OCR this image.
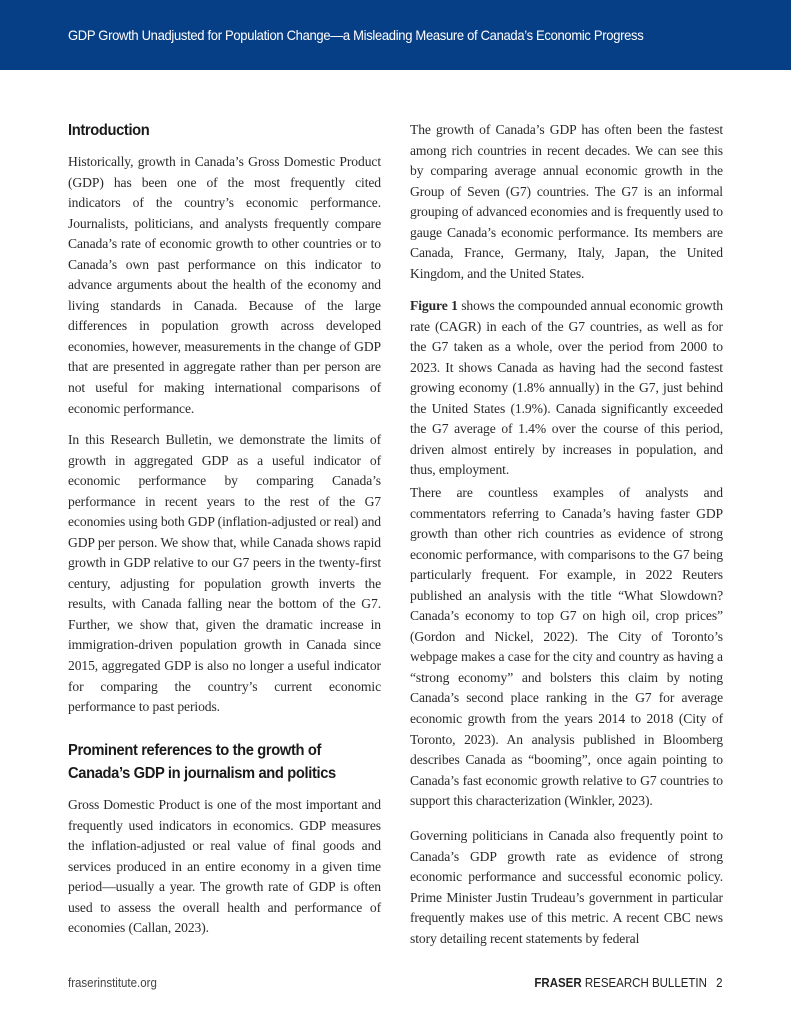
GDP Growth Unadjusted for Population Change—a Misleading Measure of Canada’s Economic Progress
Introduction

Historically, growth in Canada’s Gross Domestic Product (GDP) has been one of the most frequently cited indicators of the country’s economic performance. Journalists, politicians, and analysts frequently compare Canada’s rate of economic growth to other countries or to Canada’s own past performance on this indicator to advance arguments about the health of the economy and living standards in Canada. Because of the large differences in population growth across developed economies, however, measurements in the change of GDP that are presented in aggregate rather than per person are not useful for making international comparisons of economic performance.

In this Research Bulletin, we demonstrate the limits of growth in aggregated GDP as a useful indicator of economic performance by comparing Canada’s performance in recent years to the rest of the G7 economies using both GDP (inflation-adjusted or real) and GDP per person. We show that, while Canada shows rapid growth in GDP relative to our G7 peers in the twenty-first century, adjusting for population growth inverts the results, with Canada falling near the bottom of the G7. Further, we show that, given the dramatic increase in immigration-driven population growth in Canada since 2015, aggregated GDP is also no longer a useful indicator for comparing the country’s current economic performance to past periods.

Prominent references to the growth of Canada’s GDP in journalism and politics

Gross Domestic Product is one of the most important and frequently used indicators in economics. GDP measures the inflation-adjusted or real value of final goods and services produced in an entire economy in a given time period—usually a year. The growth rate of GDP is often used to assess the overall health and performance of economies (Callan, 2023).

The growth of Canada’s GDP has often been the fastest among rich countries in recent decades. We can see this by comparing average annual economic growth in the Group of Seven (G7) countries. The G7 is an informal grouping of advanced economies and is frequently used to gauge Canada’s economic performance. Its members are Canada, France, Germany, Italy, Japan, the United Kingdom, and the United States.

Figure 1 shows the compounded annual economic growth rate (CAGR) in each of the G7 countries, as well as for the G7 taken as a whole, over the period from 2000 to 2023. It shows Canada as having had the second fastest growing economy (1.8% annually) in the G7, just behind the United States (1.9%). Canada significantly exceeded the G7 average of 1.4% over the course of this period, driven almost entirely by increases in population, and thus, employment.

There are countless examples of analysts and commentators referring to Canada’s having faster GDP growth than other rich countries as evidence of strong economic performance, with comparisons to the G7 being particularly frequent. For example, in 2022 Reuters published an analysis with the title “What Slowdown? Canada’s economy to top G7 on high oil, crop prices” (Gordon and Nickel, 2022). The City of Toronto’s webpage makes a case for the city and country as having a “strong economy” and bolsters this claim by noting Canada’s second place ranking in the G7 for average economic growth from the years 2014 to 2018 (City of Toronto, 2023). An analysis published in Bloomberg describes Canada as “booming”, once again pointing to Canada’s fast economic growth relative to G7 countries to support this characterization (Winkler, 2023).

Governing politicians in Canada also frequently point to Canada’s GDP growth rate as evidence of strong economic performance and successful economic policy. Prime Minister Justin Trudeau’s government in particular frequently makes use of this metric. A recent CBC news story detailing recent statements by federal

fraserinstitute.org	FRASER RESEARCH BULLETIN 2
